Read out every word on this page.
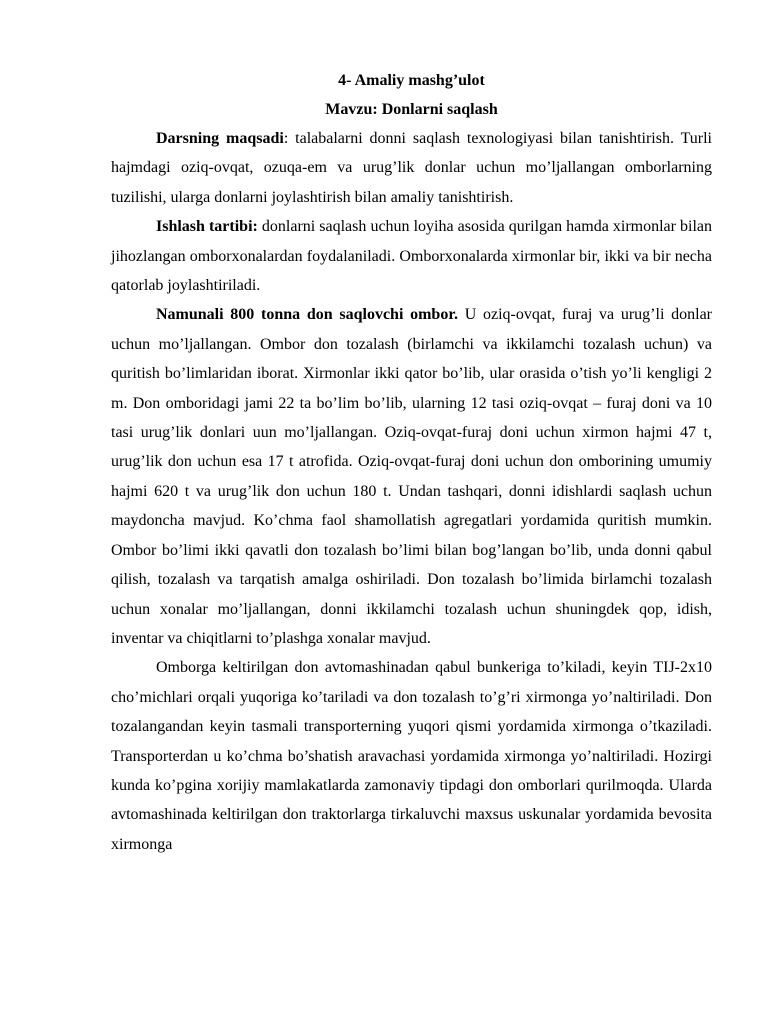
4- Amaliy mashg’ulot
Mavzu: Donlarni saqlash

Darsning maqsadi: talabalarni donni saqlash texnologiyasi bilan tanishtirish. Turli hajmdagi oziq-ovqat, ozuqa-em va urug’lik donlar uchun mo’ljallangan omborlarning tuzilishi, ularga donlarni joylashtirish bilan amaliy tanishtirish.

Ishlash tartibi: donlarni saqlash uchun loyiha asosida qurilgan hamda xirmonlar bilan jihozlangan omborxonalardan foydalaniladi. Omborxonalarda xirmonlar bir, ikki va bir necha qatorlab joylashtiriladi.

Namunali 800 tonna don saqlovchi ombor. U oziq-ovqat, furaj va urug’li donlar uchun mo’ljallangan. Ombor don tozalash (birlamchi va ikkilamchi tozalash uchun) va quritish bo’limlaridan iborat. Xirmonlar ikki qator bo’lib, ular orasida o’tish yo’li kengligi 2 m. Don omboridagi jami 22 ta bo’lim bo’lib, ularning 12 tasi oziq-ovqat – furaj doni va 10 tasi urug’lik donlari uun mo’ljallangan. Oziq-ovqat-furaj doni uchun xirmon hajmi 47 t, urug’lik don uchun esa 17 t atrofida. Oziq-ovqat-furaj doni uchun don omborining umumiy hajmi 620 t va urug’lik don uchun 180 t. Undan tashqari, donni idishlardi saqlash uchun maydoncha mavjud. Ko’chma faol shamollatish agregatlari yordamida quritish mumkin. Ombor bo’limi ikki qavatli don tozalash bo’limi bilan bog’langan bo’lib, unda donni qabul qilish, tozalash va tarqatish amalga oshiriladi. Don tozalash bo’limida birlamchi tozalash uchun xonalar mo’ljallangan, donni ikkilamchi tozalash uchun shuningdek qop, idish, inventar va chiqitlarni to’plashga xonalar mavjud.

Omborga keltirilgan don avtomashinadan qabul bunkeriga to’kiladi, keyin TIJ-2x10 cho’michlari orqali yuqoriga ko’tariladi va don tozalash to’g’ri xirmonga yo’naltiriladi. Don tozalangandan keyin tasmali transporterning yuqori qismi yordamida xirmonga o’tkaziladi. Transporterdan u ko’chma bo’shatish aravachasi yordamida xirmonga yo’naltiriladi. Hozirgi kunda ko’pgina xorijiy mamlakatlarda zamonaviy tipdagi don omborlari qurilmoqda. Ularda avtomashinada keltirilgan don traktorlarga tirkaluvchi maxsus uskunalar yordamida bevosita xirmonga
